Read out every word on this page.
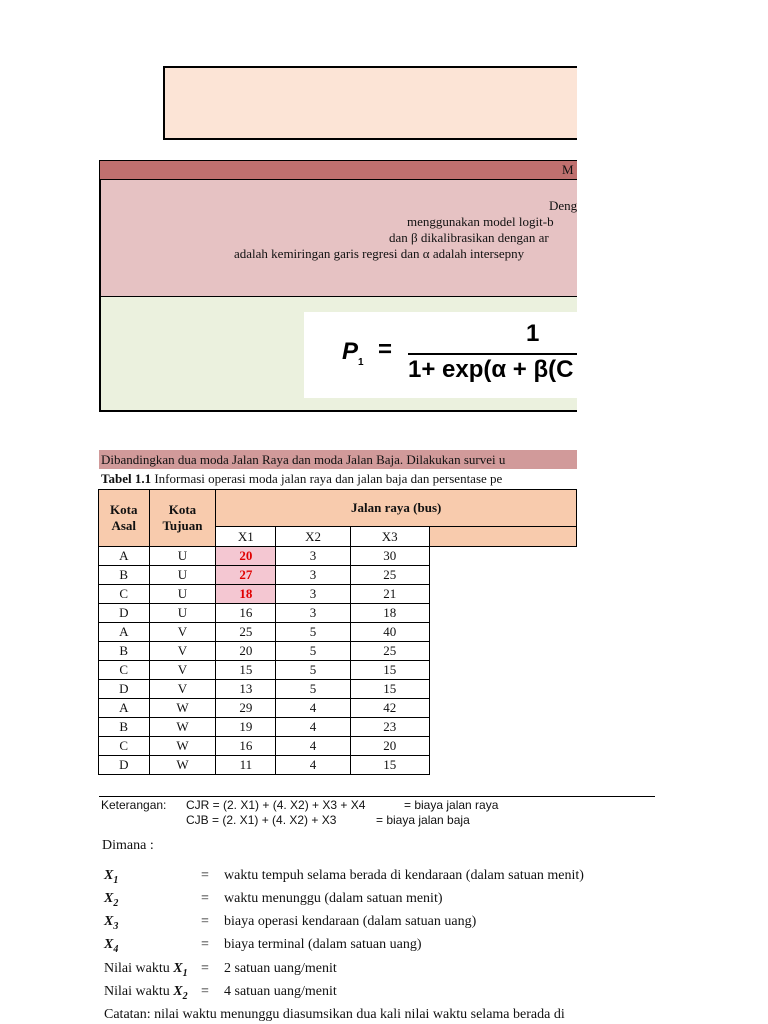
M
Deng
menggunakan model logit-b
dan β dikalibrasikan dengan ar
adalah kemiringan garis regresi dan α adalah intersepny
$P_1$ =
1
1+ exp(α + β(C
Dibandingkan dua moda Jalan Raya dan moda Jalan Baja. Dilakukan survei u
Tabel 1.1 Informasi operasi moda jalan raya dan jalan baja dan persentase pe
Kota Asal	Kota Tujuan	Jalan raya (bus)			
		X1	X2	X3	
A	U	20	3	30	
B	U	27	3	25	
C	U	18	3	21	
D	U	16	3	18	
A	V	25	5	40	
B	V	20	5	25	
C	V	15	5	15	
D	V	13	5	15	
A	W	29	4	42	
B	W	19	4	23	
C	W	16	4	20	
D	W	11	4	15	
Keterangan: CJR = (2. X1) + (4. X2) + X3 + X4	= biaya jalan raya
CJB = (2. X1) + (4. X2) + X3	= biaya jalan baja
Dimana :
$X_1$	= waktu tempuh selama berada di kendaraan (dalam satuan menit)
$X_2$	= waktu menunggu (dalam satuan menit)
$X_3$	= biaya operasi kendaraan (dalam satuan uang)
$X_4$	= biaya terminal (dalam satuan uang)
Nilai waktu $X_1 = 2$ satuan uang/menit
Nilai waktu $X_2 = 4$ satuan uang/menit
Catatan: nilai waktu menunggu diasumsikan dua kali nilai waktu selama berada di
